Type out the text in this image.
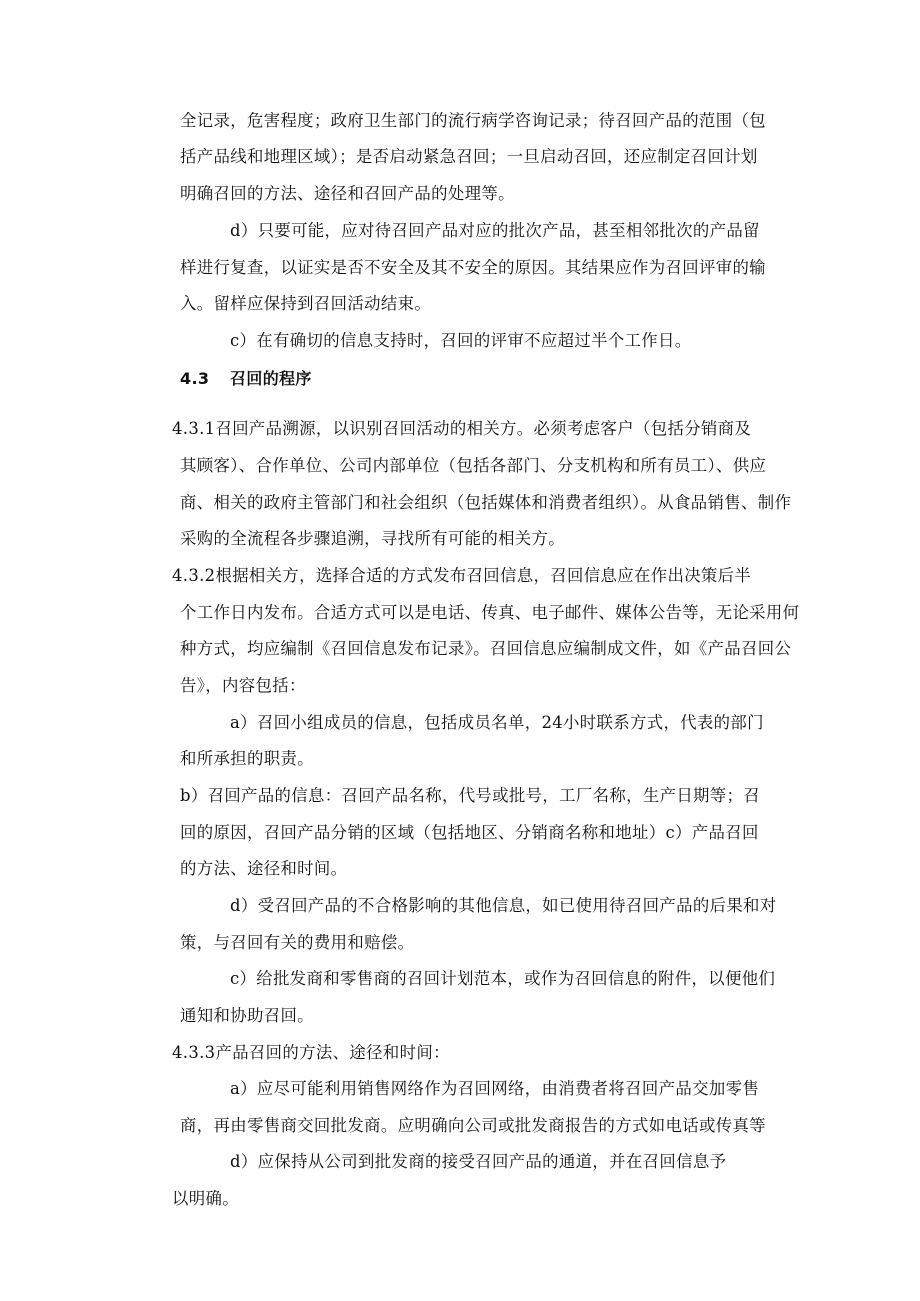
全记录，危害程度；政府卫生部门的流行病学咨询记录；待召回产品的范围（包
括产品线和地理区域）；是否启动紧急召回；一旦启动召回，还应制定召回计划
明确召回的方法、途径和召回产品的处理等。
d）只要可能，应对待召回产品对应的批次产品，甚至相邻批次的产品留
样进行复查，以证实是否不安全及其不安全的原因。其结果应作为召回评审的输
入。留样应保持到召回活动结束。
c）在有确切的信息支持时，召回的评审不应超过半个工作日。
4.3 召回的程序
4.3.1召回产品溯源，以识别召回活动的相关方。必须考虑客户（包括分销商及
其顾客）、合作单位、公司内部单位（包括各部门、分支机构和所有员工）、供应
商、相关的政府主管部门和社会组织（包括媒体和消费者组织）。从食品销售、制作
采购的全流程各步骤追溯，寻找所有可能的相关方。
4.3.2根据相关方，选择合适的方式发布召回信息，召回信息应在作出决策后半
个工作日内发布。合适方式可以是电话、传真、电子邮件、媒体公告等，无论采用何
种方式，均应编制《召回信息发布记录》。召回信息应编制成文件，如《产品召回公
告》，内容包括：
a）召回小组成员的信息，包括成员名单，24小时联系方式，代表的部门
和所承担的职责。
b）召回产品的信息：召回产品名称，代号或批号，工厂名称，生产日期等；召
回的原因，召回产品分销的区域（包括地区、分销商名称和地址）c）产品召回
的方法、途径和时间。
d）受召回产品的不合格影响的其他信息，如已使用待召回产品的后果和对
策，与召回有关的费用和赔偿。
c）给批发商和零售商的召回计划范本，或作为召回信息的附件，以便他们
通知和协助召回。
4.3.3产品召回的方法、途径和时间：
a）应尽可能利用销售网络作为召回网络，由消费者将召回产品交加零售
商，再由零售商交回批发商。应明确向公司或批发商报告的方式如电话或传真等
d）应保持从公司到批发商的接受召回产品的通道，并在召回信息予
以明确。
